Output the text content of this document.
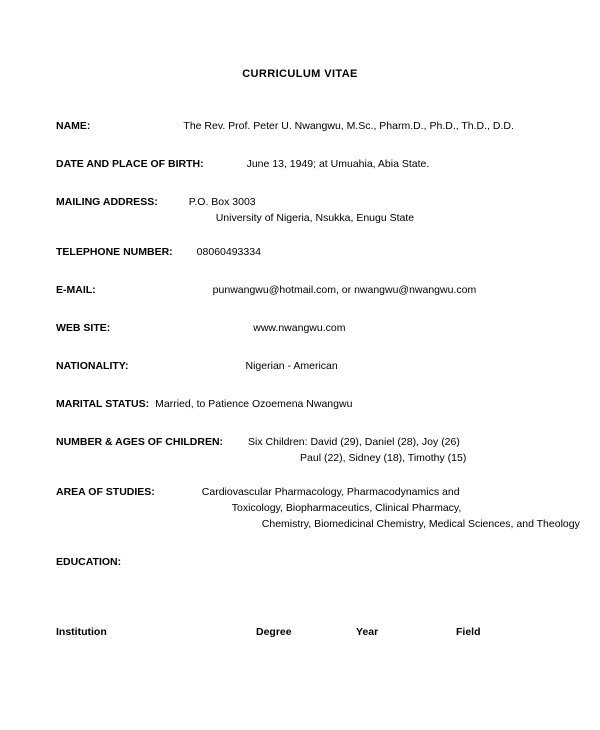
CURRICULUM VITAE
NAME:	The Rev. Prof. Peter U. Nwangwu, M.Sc., Pharm.D., Ph.D., Th.D., D.D.
DATE AND PLACE OF BIRTH:	June 13, 1949; at Umuahia, Abia State.
MAILING ADDRESS:	P.O. Box 3003
University of Nigeria, Nsukka, Enugu State
TELEPHONE NUMBER: 08060493334
E-MAIL:	punwangwu@hotmail.com, or nwangwu@nwangwu.com
WEB SITE:	www.nwangwu.com
NATIONALITY:	Nigerian - American
MARITAL STATUS: Married, to Patience Ozoemena Nwangwu
NUMBER & AGES OF CHILDREN: Six Children: David (29), Daniel (28), Joy (26)
Paul (22), Sidney (18), Timothy (15)
AREA OF STUDIES:	Cardiovascular Pharmacology, Pharmacodynamics and
Toxicology, Biopharmaceutics, Clinical Pharmacy,
Chemistry, Biomedicinal Chemistry, Medical Sciences, and Theology
EDUCATION:
Institution	Degree	Year	Field
